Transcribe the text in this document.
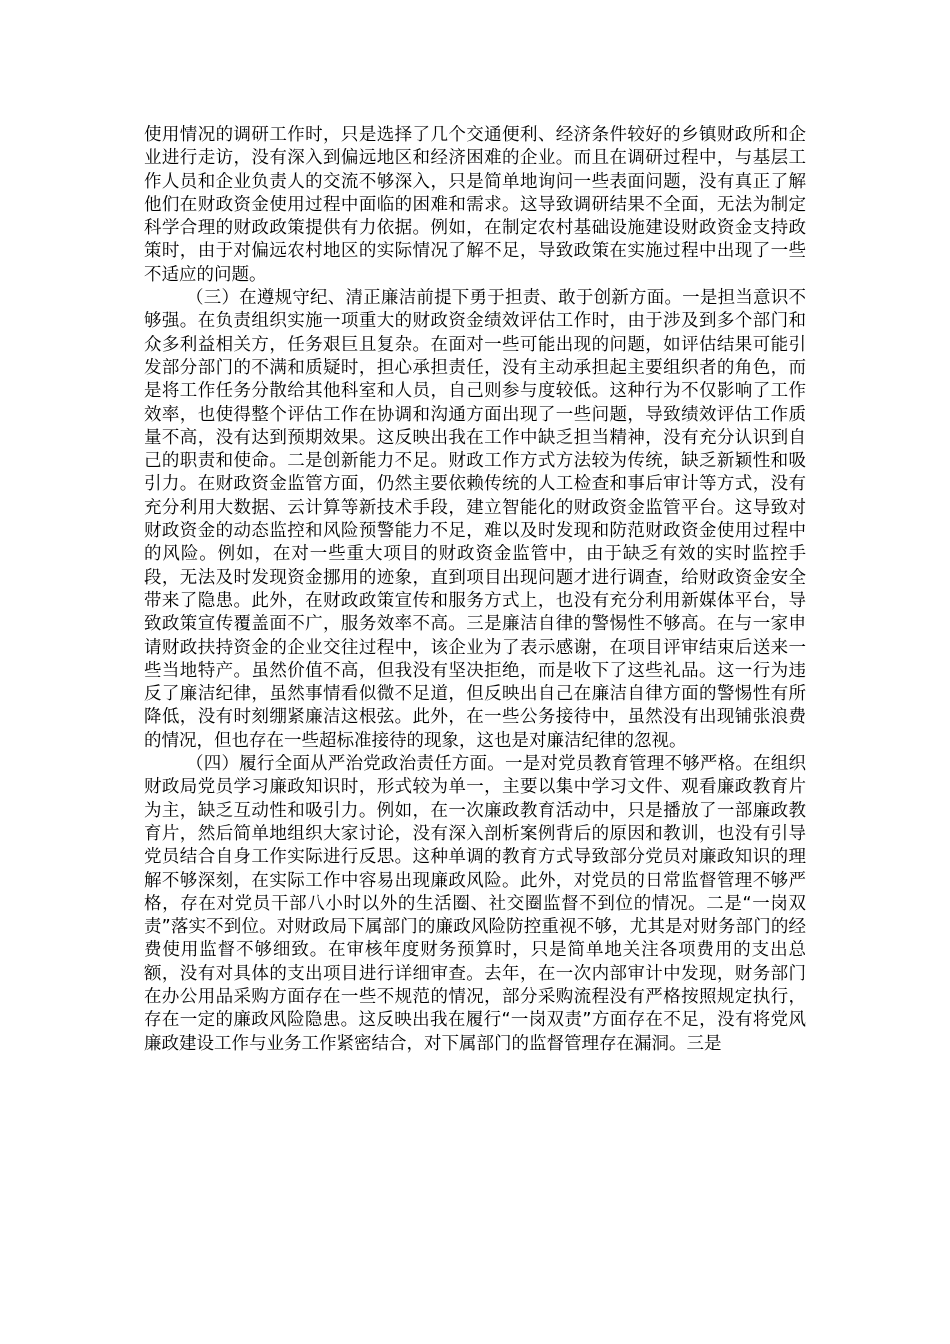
使用情况的调研工作时，只是选择了几个交通便利、经济条件较好的乡镇财政所和企业进行走访，没有深入到偏远地区和经济困难的企业。而且在调研过程中，与基层工作人员和企业负责人的交流不够深入，只是简单地询问一些表面问题，没有真正了解他们在财政资金使用过程中面临的困难和需求。这导致调研结果不全面，无法为制定科学合理的财政政策提供有力依据。例如，在制定农村基础设施建设财政资金支持政策时，由于对偏远农村地区的实际情况了解不足，导致政策在实施过程中出现了一些不适应的问题。

（三）在遵规守纪、清正廉洁前提下勇于担责、敢于创新方面。一是担当意识不够强。在负责组织实施一项重大的财政资金绩效评估工作时，由于涉及到多个部门和众多利益相关方，任务艰巨且复杂。在面对一些可能出现的问题，如评估结果可能引发部分部门的不满和质疑时，担心承担责任，没有主动承担起主要组织者的角色，而是将工作任务分散给其他科室和人员，自己则参与度较低。这种行为不仅影响了工作效率，也使得整个评估工作在协调和沟通方面出现了一些问题，导致绩效评估工作质量不高，没有达到预期效果。这反映出我在工作中缺乏担当精神，没有充分认识到自己的职责和使命。二是创新能力不足。财政工作方式方法较为传统，缺乏新颖性和吸引力。在财政资金监管方面，仍然主要依赖传统的人工检查和事后审计等方式，没有充分利用大数据、云计算等新技术手段，建立智能化的财政资金监管平台。这导致对财政资金的动态监控和风险预警能力不足，难以及时发现和防范财政资金使用过程中的风险。例如，在对一些重大项目的财政资金监管中，由于缺乏有效的实时监控手段，无法及时发现资金挪用的迹象，直到项目出现问题才进行调查，给财政资金安全带来了隐患。此外，在财政政策宣传和服务方式上，也没有充分利用新媒体平台，导致政策宣传覆盖面不广，服务效率不高。三是廉洁自律的警惕性不够高。在与一家申请财政扶持资金的企业交往过程中，该企业为了表示感谢，在项目评审结束后送来一些当地特产。虽然价值不高，但我没有坚决拒绝，而是收下了这些礼品。这一行为违反了廉洁纪律，虽然事情看似微不足道，但反映出自己在廉洁自律方面的警惕性有所降低，没有时刻绷紧廉洁这根弦。此外，在一些公务接待中，虽然没有出现铺张浪费的情况，但也存在一些超标准接待的现象，这也是对廉洁纪律的忽视。

（四）履行全面从严治党政治责任方面。一是对党员教育管理不够严格。在组织财政局党员学习廉政知识时，形式较为单一，主要以集中学习文件、观看廉政教育片为主，缺乏互动性和吸引力。例如，在一次廉政教育活动中，只是播放了一部廉政教育片，然后简单地组织大家讨论，没有深入剖析案例背后的原因和教训，也没有引导党员结合自身工作实际进行反思。这种单调的教育方式导致部分党员对廉政知识的理解不够深刻，在实际工作中容易出现廉政风险。此外，对党员的日常监督管理不够严格，存在对党员干部八小时以外的生活圈、社交圈监督不到位的情况。二是“一岗双责”落实不到位。对财政局下属部门的廉政风险防控重视不够，尤其是对财务部门的经费使用监督不够细致。在审核年度财务预算时，只是简单地关注各项费用的支出总额，没有对具体的支出项目进行详细审查。去年，在一次内部审计中发现，财务部门在办公用品采购方面存在一些不规范的情况，部分采购流程没有严格按照规定执行，存在一定的廉政风险隐患。这反映出我在履行“一岗双责”方面存在不足，没有将党风廉政建设工作与业务工作紧密结合，对下属部门的监督管理存在漏洞。三是
